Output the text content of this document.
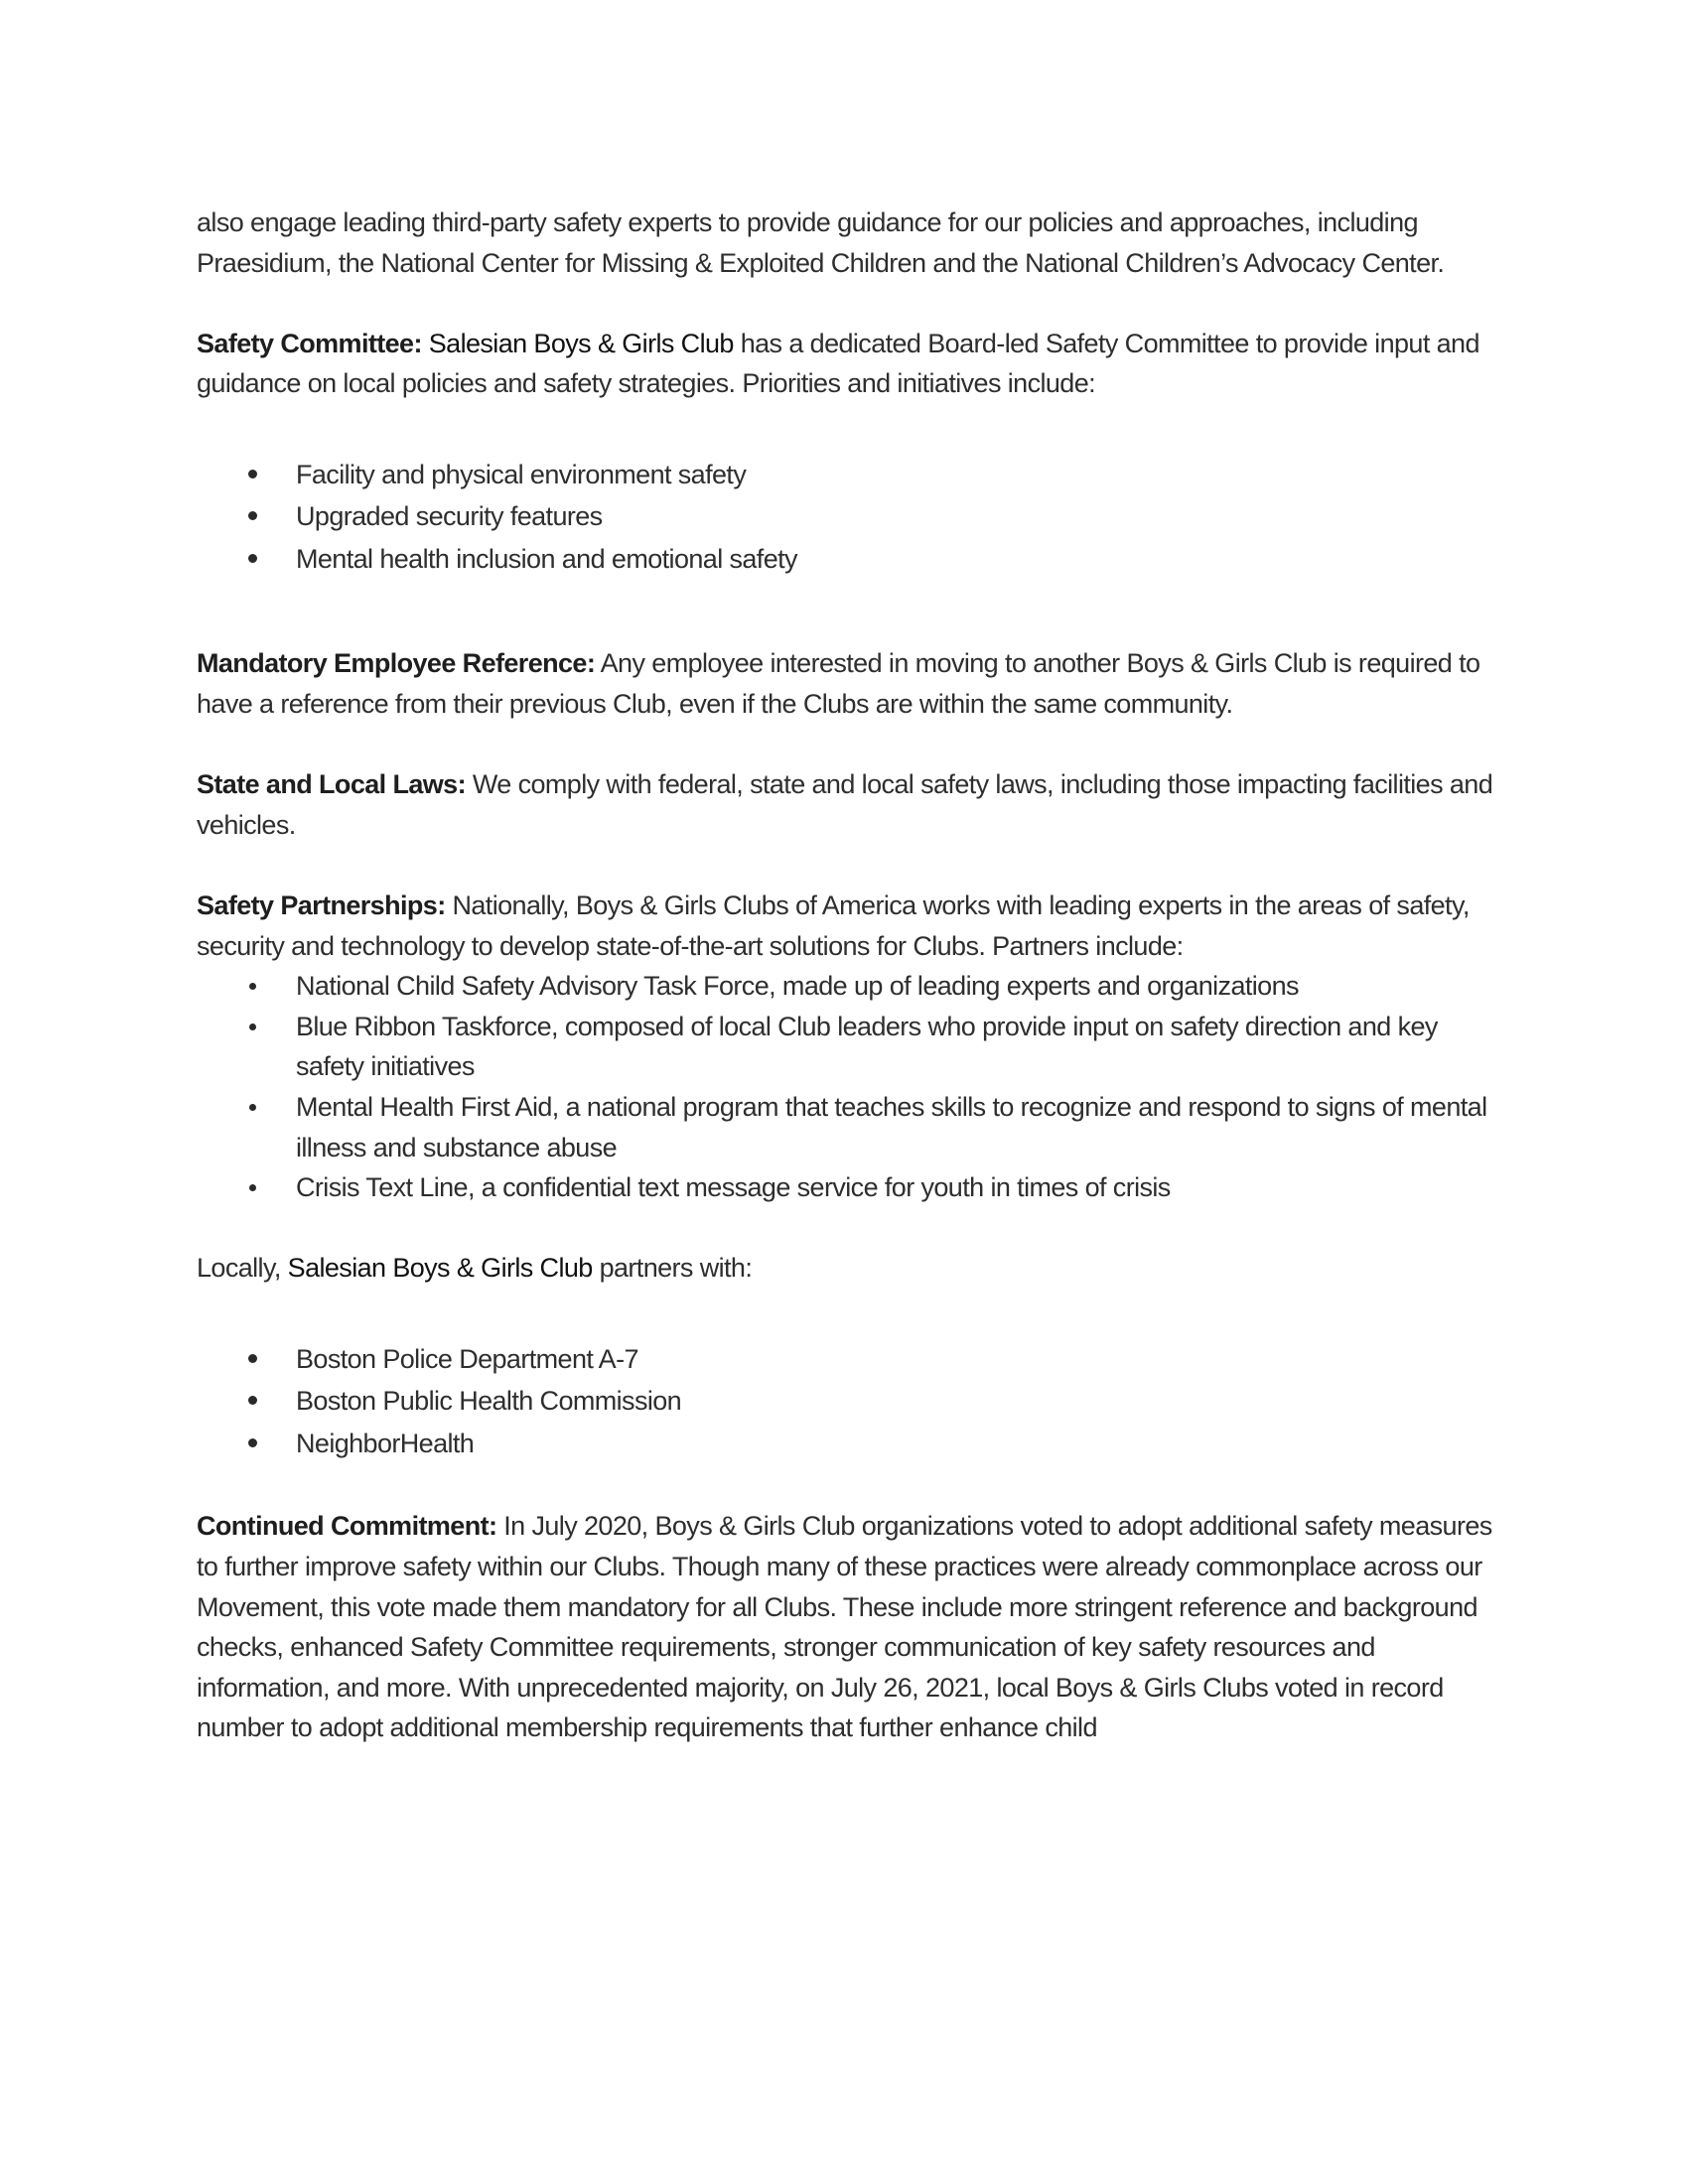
also engage leading third-party safety experts to provide guidance for our policies and approaches, including Praesidium, the National Center for Missing & Exploited Children and the National Children’s Advocacy Center.

Safety Committee: Salesian Boys & Girls Club has a dedicated Board-led Safety Committee to provide input and guidance on local policies and safety strategies. Priorities and initiatives include:

Facility and physical environment safety
Upgraded security features
Mental health inclusion and emotional safety

Mandatory Employee Reference: Any employee interested in moving to another Boys & Girls Club is required to have a reference from their previous Club, even if the Clubs are within the same community.

State and Local Laws: We comply with federal, state and local safety laws, including those impacting facilities and vehicles.

Safety Partnerships: Nationally, Boys & Girls Clubs of America works with leading experts in the areas of safety, security and technology to develop state-of-the-art solutions for Clubs. Partners include:

National Child Safety Advisory Task Force, made up of leading experts and organizations
Blue Ribbon Taskforce, composed of local Club leaders who provide input on safety direction and key safety initiatives
Mental Health First Aid, a national program that teaches skills to recognize and respond to signs of mental illness and substance abuse
Crisis Text Line, a confidential text message service for youth in times of crisis

Locally, Salesian Boys & Girls Club partners with:

Boston Police Department A-7
Boston Public Health Commission
NeighborHealth

Continued Commitment: In July 2020, Boys & Girls Club organizations voted to adopt additional safety measures to further improve safety within our Clubs. Though many of these practices were already commonplace across our Movement, this vote made them mandatory for all Clubs. These include more stringent reference and background checks, enhanced Safety Committee requirements, stronger communication of key safety resources and information, and more. With unprecedented majority, on July 26, 2021, local Boys & Girls Clubs voted in record number to adopt additional membership requirements that further enhance child
